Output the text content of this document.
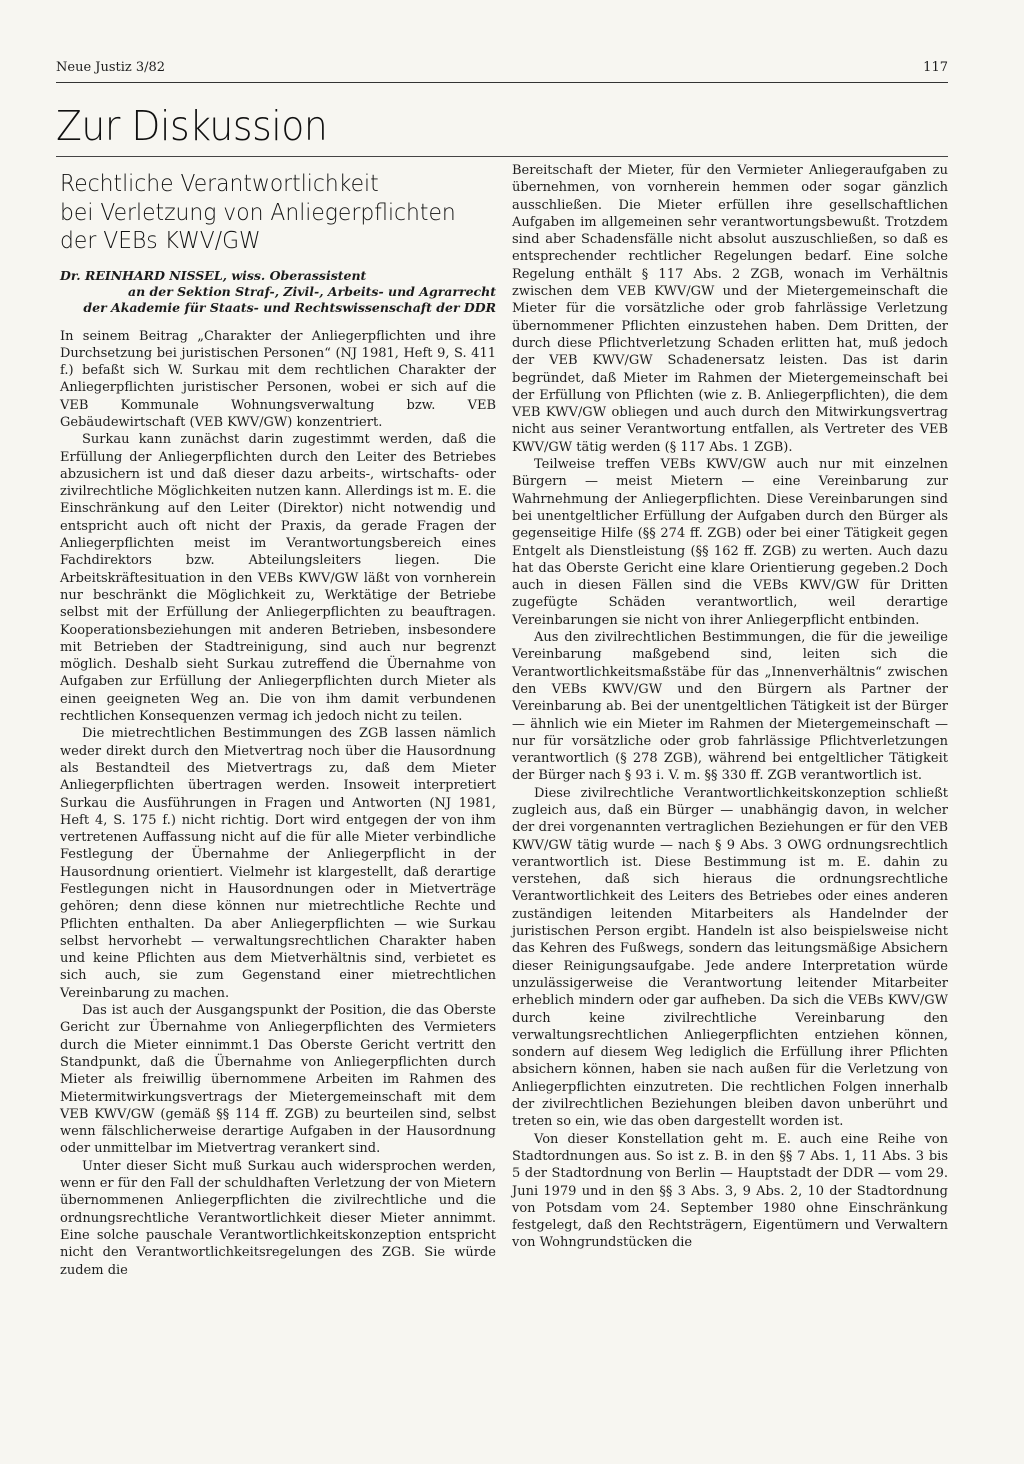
Neue Justiz 3/82	117
Zur Diskussion
Rechtliche Verantwortlichkeit
bei Verletzung von Anliegerpflichten
der VEBs KWV/GW
Dr. REINHARD NISSEL, wiss. Oberassistent
an der Sektion Straf-, Zivil-, Arbeits- und Agrarrecht
der Akademie für Staats- und Rechtswissenschaft der DDR

In seinem Beitrag „Charakter der Anliegerpflichten und ihre Durchsetzung bei juristischen Personen“ (NJ 1981, Heft 9, S. 411 f.) befaßt sich W. Surkau mit dem rechtlichen Charakter der Anliegerpflichten juristischer Personen, wobei er sich auf die VEB Kommunale Wohnungsverwaltung bzw. VEB Gebäudewirtschaft (VEB KWV/GW) konzentriert.

Surkau kann zunächst darin zugestimmt werden, daß die Erfüllung der Anliegerpflichten durch den Leiter des Betriebes abzusichern ist und daß dieser dazu arbeits-, wirtschafts- oder zivilrechtliche Möglichkeiten nutzen kann. Allerdings ist m. E. die Einschränkung auf den Leiter (Direktor) nicht notwendig und entspricht auch oft nicht der Praxis, da gerade Fragen der Anliegerpflichten meist im Verantwortungsbereich eines Fachdirektors bzw. Abteilungsleiters liegen. Die Arbeitskräftesituation in den VEBs KWV/GW läßt von vornherein nur beschränkt die Möglichkeit zu, Werktätige der Betriebe selbst mit der Erfüllung der Anliegerpflichten zu beauftragen. Kooperationsbeziehungen mit anderen Betrieben, insbesondere mit Betrieben der Stadtreinigung, sind auch nur begrenzt möglich. Deshalb sieht Surkau zutreffend die Übernahme von Aufgaben zur Erfüllung der Anliegerpflichten durch Mieter als einen geeigneten Weg an. Die von ihm damit verbundenen rechtlichen Konsequenzen vermag ich jedoch nicht zu teilen.

Die mietrechtlichen Bestimmungen des ZGB lassen nämlich weder direkt durch den Mietvertrag noch über die Hausordnung als Bestandteil des Mietvertrags zu, daß dem Mieter Anliegerpflichten übertragen werden. Insoweit interpretiert Surkau die Ausführungen in Fragen und Antworten (NJ 1981, Heft 4, S. 175 f.) nicht richtig. Dort wird entgegen der von ihm vertretenen Auffassung nicht auf die für alle Mieter verbindliche Festlegung der Übernahme der Anliegerpflicht in der Hausordnung orientiert. Vielmehr ist klargestellt, daß derartige Festlegungen nicht in Hausordnungen oder in Mietverträge gehören; denn diese können nur mietrechtliche Rechte und Pflichten enthalten. Da aber Anliegerpflichten — wie Surkau selbst hervorhebt — verwaltungsrechtlichen Charakter haben und keine Pflichten aus dem Mietverhältnis sind, verbietet es sich auch, sie zum Gegenstand einer mietrechtlichen Vereinbarung zu machen.

Das ist auch der Ausgangspunkt der Position, die das Oberste Gericht zur Übernahme von Anliegerpflichten des Vermieters durch die Mieter einnimmt.1 Das Oberste Gericht vertritt den Standpunkt, daß die Übernahme von Anliegerpflichten durch Mieter als freiwillig übernommene Arbeiten im Rahmen des Mietermitwirkungsvertrags der Mietergemeinschaft mit dem VEB KWV/GW (gemäß §§ 114 ff. ZGB) zu beurteilen sind, selbst wenn fälschlicherweise derartige Aufgaben in der Hausordnung oder unmittelbar im Mietvertrag verankert sind.

Unter dieser Sicht muß Surkau auch widersprochen werden, wenn er für den Fall der schuldhaften Verletzung der von Mietern übernommenen Anliegerpflichten die zivilrechtliche und die ordnungsrechtliche Verantwortlichkeit dieser Mieter annimmt. Eine solche pauschale Verantwortlichkeitskonzeption entspricht nicht den Verantwortlichkeitsregelungen des ZGB. Sie würde zudem die

Bereitschaft der Mieter, für den Vermieter Anliegeraufgaben zu übernehmen, von vornherein hemmen oder sogar gänzlich ausschließen. Die Mieter erfüllen ihre gesellschaftlichen Aufgaben im allgemeinen sehr verantwortungsbewußt. Trotzdem sind aber Schadensfälle nicht absolut auszuschließen, so daß es entsprechender rechtlicher Regelungen bedarf. Eine solche Regelung enthält § 117 Abs. 2 ZGB, wonach im Verhältnis zwischen dem VEB KWV/GW und der Mietergemeinschaft die Mieter für die vorsätzliche oder grob fahrlässige Verletzung übernommener Pflichten einzustehen haben. Dem Dritten, der durch diese Pflichtverletzung Schaden erlitten hat, muß jedoch der VEB KWV/GW Schadenersatz leisten. Das ist darin begründet, daß Mieter im Rahmen der Mietergemeinschaft bei der Erfüllung von Pflichten (wie z. B. Anliegerpflichten), die dem VEB KWV/GW obliegen und auch durch den Mitwirkungsvertrag nicht aus seiner Verantwortung entfallen, als Vertreter des VEB KWV/GW tätig werden (§ 117 Abs. 1 ZGB).

Teilweise treffen VEBs KWV/GW auch nur mit einzelnen Bürgern — meist Mietern — eine Vereinbarung zur Wahrnehmung der Anliegerpflichten. Diese Vereinbarungen sind bei unentgeltlicher Erfüllung der Aufgaben durch den Bürger als gegenseitige Hilfe (§§ 274 ff. ZGB) oder bei einer Tätigkeit gegen Entgelt als Dienstleistung (§§ 162 ff. ZGB) zu werten. Auch dazu hat das Oberste Gericht eine klare Orientierung gegeben.2 Doch auch in diesen Fällen sind die VEBs KWV/GW für Dritten zugefügte Schäden verantwortlich, weil derartige Vereinbarungen sie nicht von ihrer Anliegerpflicht entbinden.

Aus den zivilrechtlichen Bestimmungen, die für die jeweilige Vereinbarung maßgebend sind, leiten sich die Verantwortlichkeitsmaßstäbe für das „Innenverhältnis“ zwischen den VEBs KWV/GW und den Bürgern als Partner der Vereinbarung ab. Bei der unentgeltlichen Tätigkeit ist der Bürger — ähnlich wie ein Mieter im Rahmen der Mietergemeinschaft — nur für vorsätzliche oder grob fahrlässige Pflichtverletzungen verantwortlich (§ 278 ZGB), während bei entgeltlicher Tätigkeit der Bürger nach § 93 i. V. m. §§ 330 ff. ZGB verantwortlich ist.

Diese zivilrechtliche Verantwortlichkeitskonzeption schließt zugleich aus, daß ein Bürger — unabhängig davon, in welcher der drei vorgenannten vertraglichen Beziehungen er für den VEB KWV/GW tätig wurde — nach § 9 Abs. 3 OWG ordnungsrechtlich verantwortlich ist. Diese Bestimmung ist m. E. dahin zu verstehen, daß sich hieraus die ordnungsrechtliche Verantwortlichkeit des Leiters des Betriebes oder eines anderen zuständigen leitenden Mitarbeiters als Handelnder der juristischen Person ergibt. Handeln ist also beispielsweise nicht das Kehren des Fußwegs, sondern das leitungsmäßige Absichern dieser Reinigungsaufgabe. Jede andere Interpretation würde unzulässigerweise die Verantwortung leitender Mitarbeiter erheblich mindern oder gar aufheben. Da sich die VEBs KWV/GW durch keine zivilrechtliche Vereinbarung den verwaltungsrechtlichen Anliegerpflichten entziehen können, sondern auf diesem Weg lediglich die Erfüllung ihrer Pflichten absichern können, haben sie nach außen für die Verletzung von Anliegerpflichten einzutreten. Die rechtlichen Folgen innerhalb der zivilrechtlichen Beziehungen bleiben davon unberührt und treten so ein, wie das oben dargestellt worden ist.

Von dieser Konstellation geht m. E. auch eine Reihe von Stadtordnungen aus. So ist z. B. in den §§ 7 Abs. 1, 11 Abs. 3 bis 5 der Stadtordnung von Berlin — Hauptstadt der DDR — vom 29. Juni 1979 und in den §§ 3 Abs. 3, 9 Abs. 2, 10 der Stadtordnung von Potsdam vom 24. September 1980 ohne Einschränkung festgelegt, daß den Rechtsträgern, Eigentümern und Verwaltern von Wohngrundstücken die
